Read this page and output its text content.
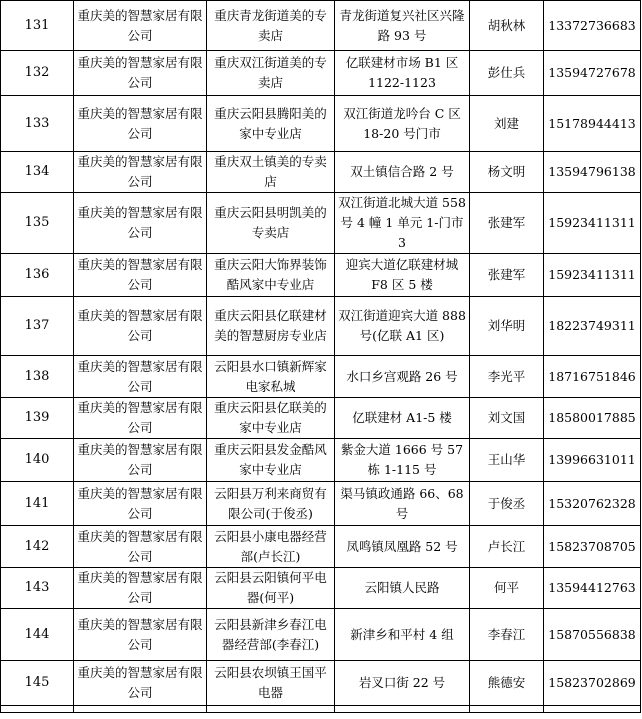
131	重庆美的智慧家居有限公司	重庆青龙街道美的专卖店	青龙街道复兴社区兴隆路 93 号	胡秋林	13372736683
132	重庆美的智慧家居有限公司	重庆双江街道美的专卖店	亿联建材市场 B1 区 1122-1123	彭仕兵	13594727678
133	重庆美的智慧家居有限公司	重庆云阳县腾阳美的家中专业店	双江街道龙吟台 C 区 18-20 号门市	刘建	15178944413
134	重庆美的智慧家居有限公司	重庆双土镇美的专卖店	双土镇信合路 2 号	杨文明	13594796138
135	重庆美的智慧家居有限公司	重庆云阳县明凯美的专卖店	双江街道北城大道 558 号 4 幢 1 单元 1-门市 3	张建军	15923411311
136	重庆美的智慧家居有限公司	重庆云阳大饰界装饰酷风家中专业店	迎宾大道亿联建材城 F8 区 5 楼	张建军	15923411311
137	重庆美的智慧家居有限公司	重庆云阳县亿联建材美的智慧厨房专业店	双江街道迎宾大道 888 号(亿联 A1 区)	刘华明	18223749311
138	重庆美的智慧家居有限公司	云阳县水口镇新辉家电家私城	水口乡宫观路 26 号	李光平	18716751846
139	重庆美的智慧家居有限公司	重庆云阳县亿联美的家中专业店	亿联建材 A1-5 楼	刘文国	18580017885
140	重庆美的智慧家居有限公司	重庆云阳县发金酷风家中专业店	紫金大道 1666 号 57 栋 1-115 号	王山华	13996631011
141	重庆美的智慧家居有限公司	云阳县万利来商贸有限公司(于俊丞)	渠马镇政通路 66、68 号	于俊丞	15320762328
142	重庆美的智慧家居有限公司	云阳县小康电器经营部(卢长江)	凤鸣镇凤凰路 52 号	卢长江	15823708705
143	重庆美的智慧家居有限公司	云阳县云阳镇何平电器(何平)	云阳镇人民路	何平	13594412763
144	重庆美的智慧家居有限公司	云阳县新津乡春江电器经营部(李春江)	新津乡和平村 4 组	李春江	15870556838
145	重庆美的智慧家居有限公司	云阳县农坝镇王国平电器	岩叉口街 22 号	熊德安	15823702869
